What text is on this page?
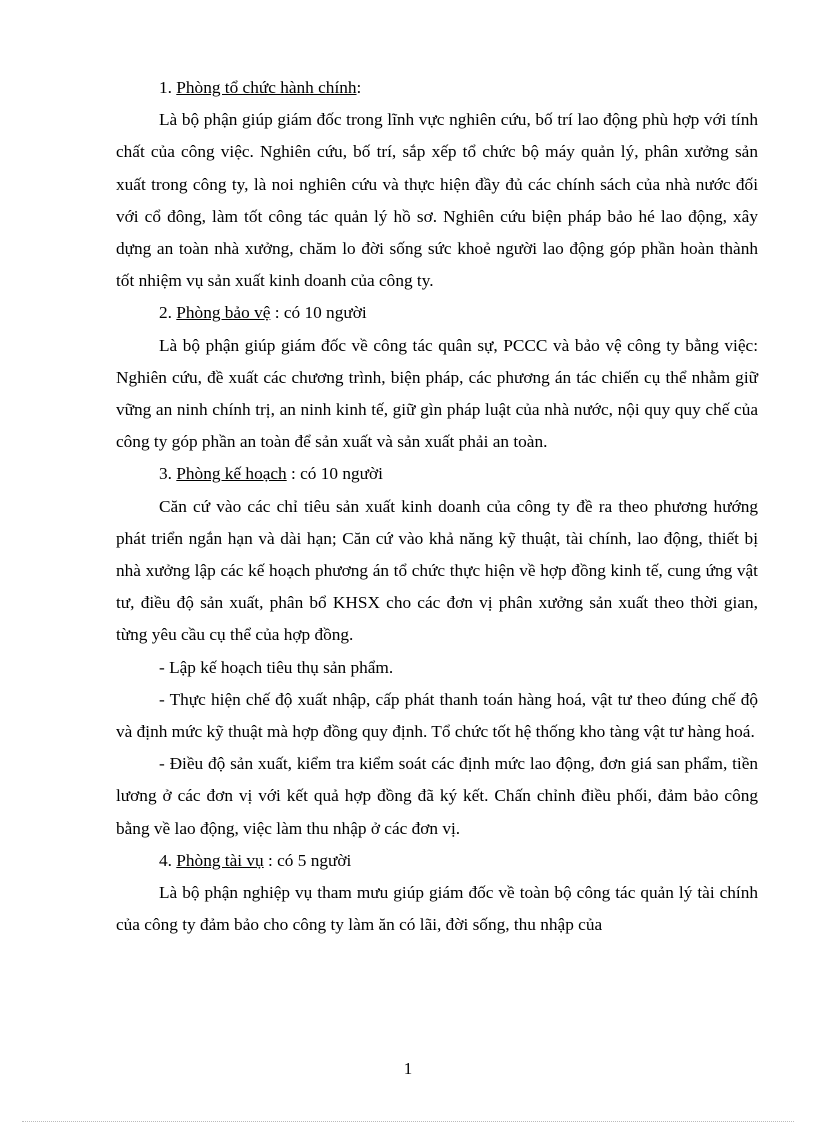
1. Phòng tổ chức hành chính:

Là bộ phận giúp giám đốc trong lĩnh vực nghiên cứu, bố trí lao động phù hợp với tính chất của công việc. Nghiên cứu, bố trí, sắp xếp tổ chức bộ máy quản lý, phân xưởng sản xuất trong công ty, là noi nghiên cứu và thực hiện đầy đủ các chính sách của nhà nước đối với cổ đông, làm tốt công tác quản lý hồ sơ. Nghiên cứu biện pháp bảo hé lao động, xây dựng an toàn nhà xưởng, chăm lo đời sống sức khoẻ người lao động góp phần hoàn thành tốt nhiệm vụ sản xuất kinh doanh của công ty.

2. Phòng bảo vệ : có 10 người

Là bộ phận giúp giám đốc về công tác quân sự, PCCC và bảo vệ công ty bằng việc: Nghiên cứu, đề xuất các chương trình, biện pháp, các phương án tác chiến cụ thể nhằm giữ vững an ninh chính trị, an ninh kinh tế, giữ gìn pháp luật của nhà nước, nội quy quy chế của công ty góp phần an toàn để sản xuất và sản xuất phải an toàn.

3. Phòng kế hoạch : có 10 người

Căn cứ vào các chỉ tiêu sản xuất kinh doanh của công ty đề ra theo phương hướng phát triển ngắn hạn và dài hạn; Căn cứ vào khả năng kỹ thuật, tài chính, lao động, thiết bị nhà xưởng lập các kế hoạch phương án tổ chức thực hiện về hợp đồng kinh tế, cung ứng vật tư, điều độ sản xuất, phân bổ KHSX cho các đơn vị phân xưởng sản xuất theo thời gian, từng yêu cầu cụ thể của hợp đồng.

- Lập kế hoạch tiêu thụ sản phẩm.

- Thực hiện chế độ xuất nhập, cấp phát thanh toán hàng hoá, vật tư theo đúng chế độ và định mức kỹ thuật mà hợp đồng quy định. Tổ chức tốt hệ thống kho tàng vật tư hàng hoá.

- Điều độ sản xuất, kiểm tra kiểm soát các định mức lao động, đơn giá san phẩm, tiền lương ở các đơn vị với kết quả hợp đồng đã ký kết. Chấn chỉnh điều phối, đảm bảo công bằng về lao động, việc làm thu nhập ở các đơn vị.

4. Phòng tài vụ : có 5 người

Là bộ phận nghiệp vụ tham mưu giúp giám đốc về toàn bộ công tác quản lý tài chính của công ty đảm bảo cho công ty làm ăn có lãi, đời sống, thu nhập của

1
